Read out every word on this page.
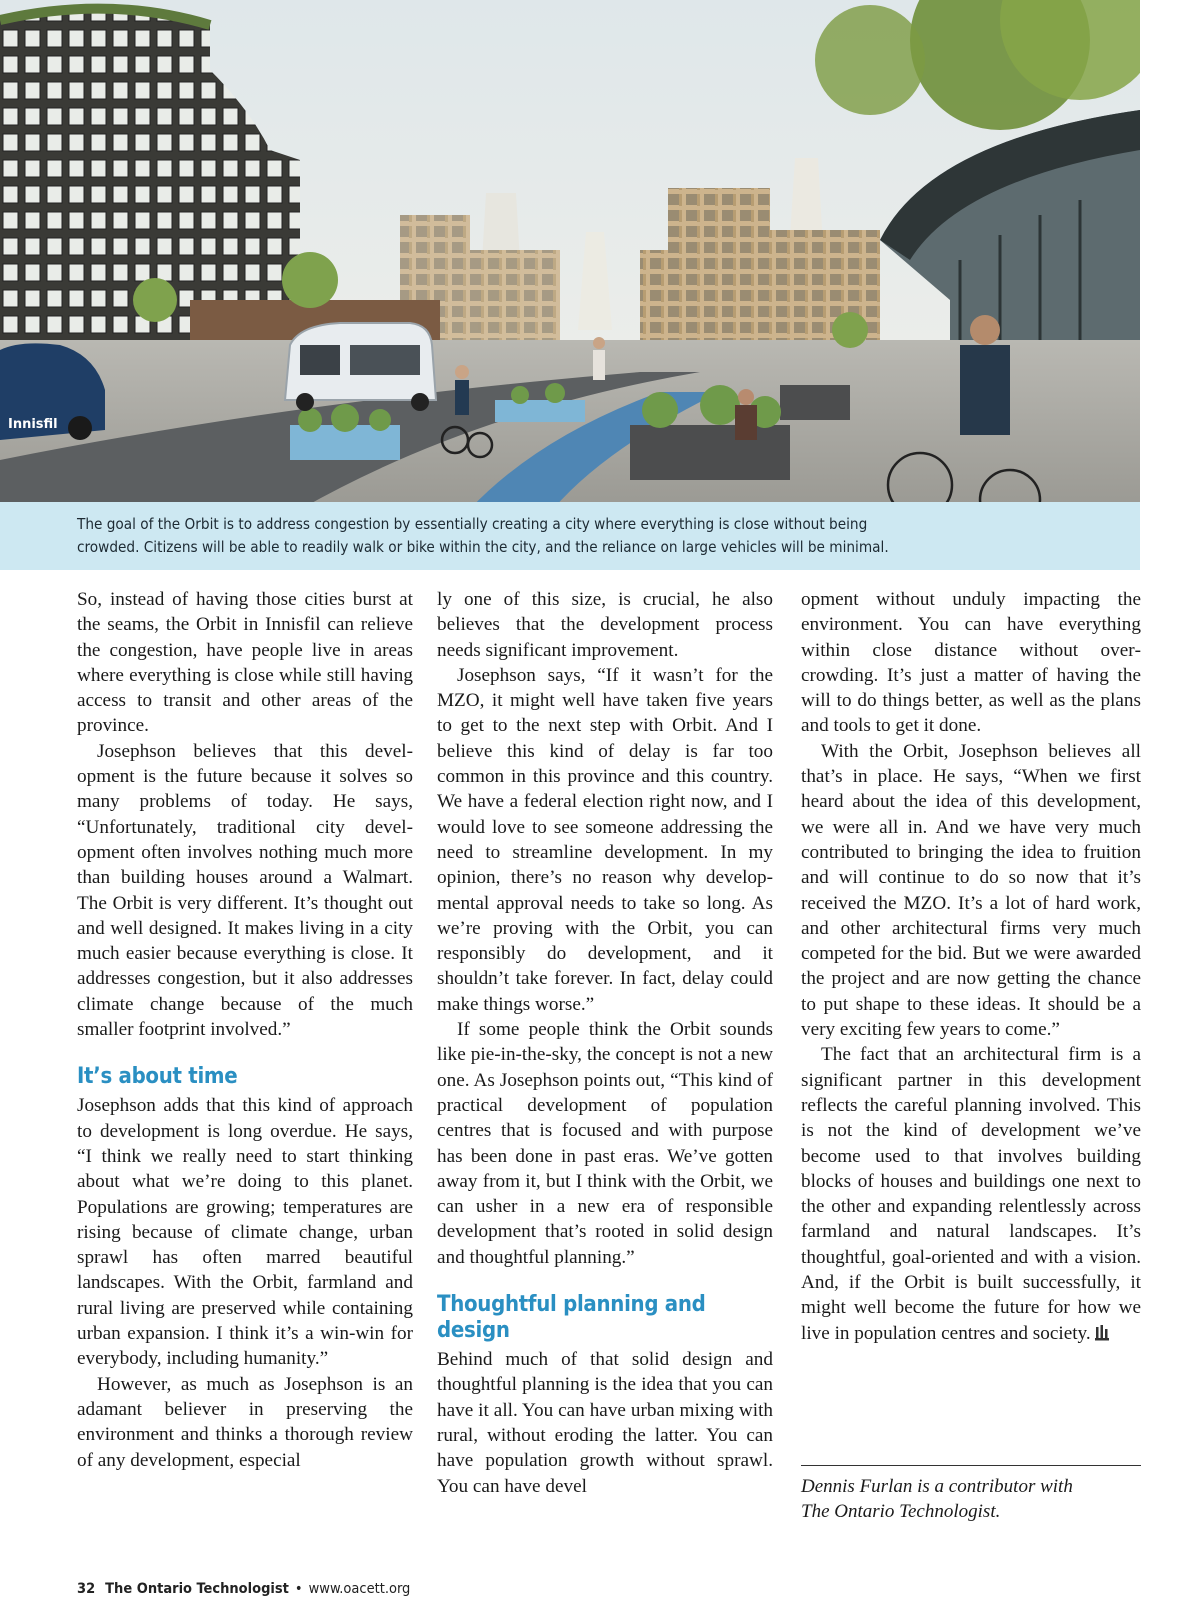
Innisfil
The goal of the Orbit is to address congestion by essentially creating a city where everything is close without being
crowded. Citizens will be able to readily walk or bike within the city, and the reliance on large vehicles will be minimal.

So, instead of having those cities burst at the seams, the Orbit in Innisfil can relieve the congestion, have people live in areas where everything is close while still having access to transit and other areas of the province.

Josephson believes that this development is the future because it solves so many problems of today. He says, “Unfortunately, traditional city development often involves nothing much more than building houses around a Walmart. The Orbit is very different. It’s thought out and well designed. It makes living in a city much easier because everything is close. It addresses congestion, but it also addresses climate change because of the much smaller footprint involved.”

It’s about time

Josephson adds that this kind of approach to development is long overdue. He says, “I think we really need to start thinking about what we’re doing to this planet. Populations are growing; temperatures are rising because of climate change, urban sprawl has often marred beautiful landscapes. With the Orbit, farmland and rural living are preserved while containing urban expansion. I think it’s a win-win for everybody, including humanity.”

However, as much as Josephson is an adamant believer in preserving the environment and thinks a thorough review of any development, especial

ly one of this size, is crucial, he also believes that the development process needs significant improvement.

Josephson says, “If it wasn’t for the MZO, it might well have taken five years to get to the next step with Orbit. And I believe this kind of delay is far too common in this province and this country. We have a federal election right now, and I would love to see someone addressing the need to streamline development. In my opinion, there’s no reason why developmental approval needs to take so long. As we’re proving with the Orbit, you can responsibly do development, and it shouldn’t take forever. In fact, delay could make things worse.”

If some people think the Orbit sounds like pie-in-the-sky, the concept is not a new one. As Josephson points out, “This kind of practical development of population centres that is focused and with purpose has been done in past eras. We’ve gotten away from it, but I think with the Orbit, we can usher in a new era of responsible development that’s rooted in solid design and thoughtful planning.”

Thoughtful planning and design

Behind much of that solid design and thoughtful planning is the idea that you can have it all. You can have urban mixing with rural, without eroding the latter. You can have population growth without sprawl. You can have devel

opment without unduly impacting the environment. You can have everything within close distance without overcrowding. It’s just a matter of having the will to do things better, as well as the plans and tools to get it done.

With the Orbit, Josephson believes all that’s in place. He says, “When we first heard about the idea of this development, we were all in. And we have very much contributed to bringing the idea to fruition and will continue to do so now that it’s received the MZO. It’s a lot of hard work, and other architectural firms very much competed for the bid. But we were awarded the project and are now getting the chance to put shape to these ideas. It should be a very exciting few years to come.”

The fact that an architectural firm is a significant partner in this development reflects the careful planning involved. This is not the kind of development we’ve become used to that involves building blocks of houses and buildings one next to the other and expanding relentlessly across farmland and natural landscapes. It’s thoughtful, goal-oriented and with a vision. And, if the Orbit is built successfully, it might well become the future for how we live in population centres and society.

Dennis Furlan is a contributor with
The Ontario Technologist.
32 The Ontario Technologist • www.oacett.org
